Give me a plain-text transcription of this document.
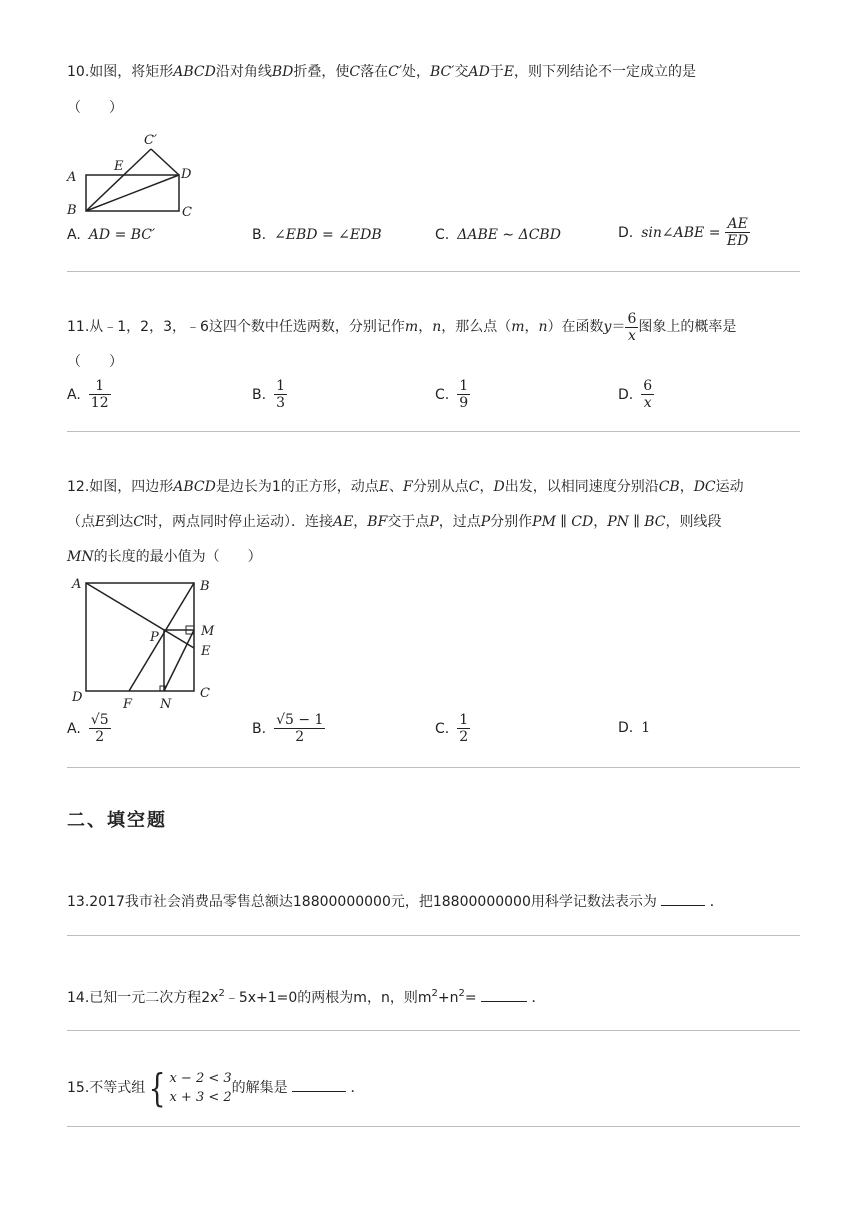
10.如图，将矩形ABCD沿对角线BD折叠，使C落在C′处，BC′交AD于E，则下列结论不一定成立的是
（　　）
A
B	C
D
E
C′
A. AD = BC′	B. ∠EBD = ∠EDB	C. ΔABE ∼ ΔCBD	D. sin∠ABE = $\frac{AE}{ED}$
11.从﹣1，2，3，﹣6这四个数中任选两数，分别记作m，n，那么点（m，n）在函数$y= \frac{6}{x}$ 图象上的概率是
（　　）
A. $\frac{1}{12}$	B. $\frac{1}{3}$	C. $\frac{1}{9}$	D. $\frac{6}{x}$
12.如图，四边形ABCD是边长为1的正方形，动点E、F分别从点C，D出发，以相同速度分别沿CB，DC运动
（点E到达C时，两点同时停止运动）．连接AE，BF交于点P，过点P分别作PM ∥ CD，PN ∥ BC，则线段
MN的长度的最小值为（　　）
A	B
C
D
E
F
M
N
P
A. $\frac{√5}{2}$	B. $\frac{√5 - 1}{2}$	C. $\frac{1}{2}$	D. 1
二、填空题
13.2017我市社会消费品零售总额达18800000000元，把18800000000用科学记数法表示为	．
14.已知一元二次方程$2x^2﹣5x+1=0$的两根为m，n，则$m^2+n^2=$	．
15.不等式组{ x − 2 < 3
x + 3 < 2
的解集是	．
